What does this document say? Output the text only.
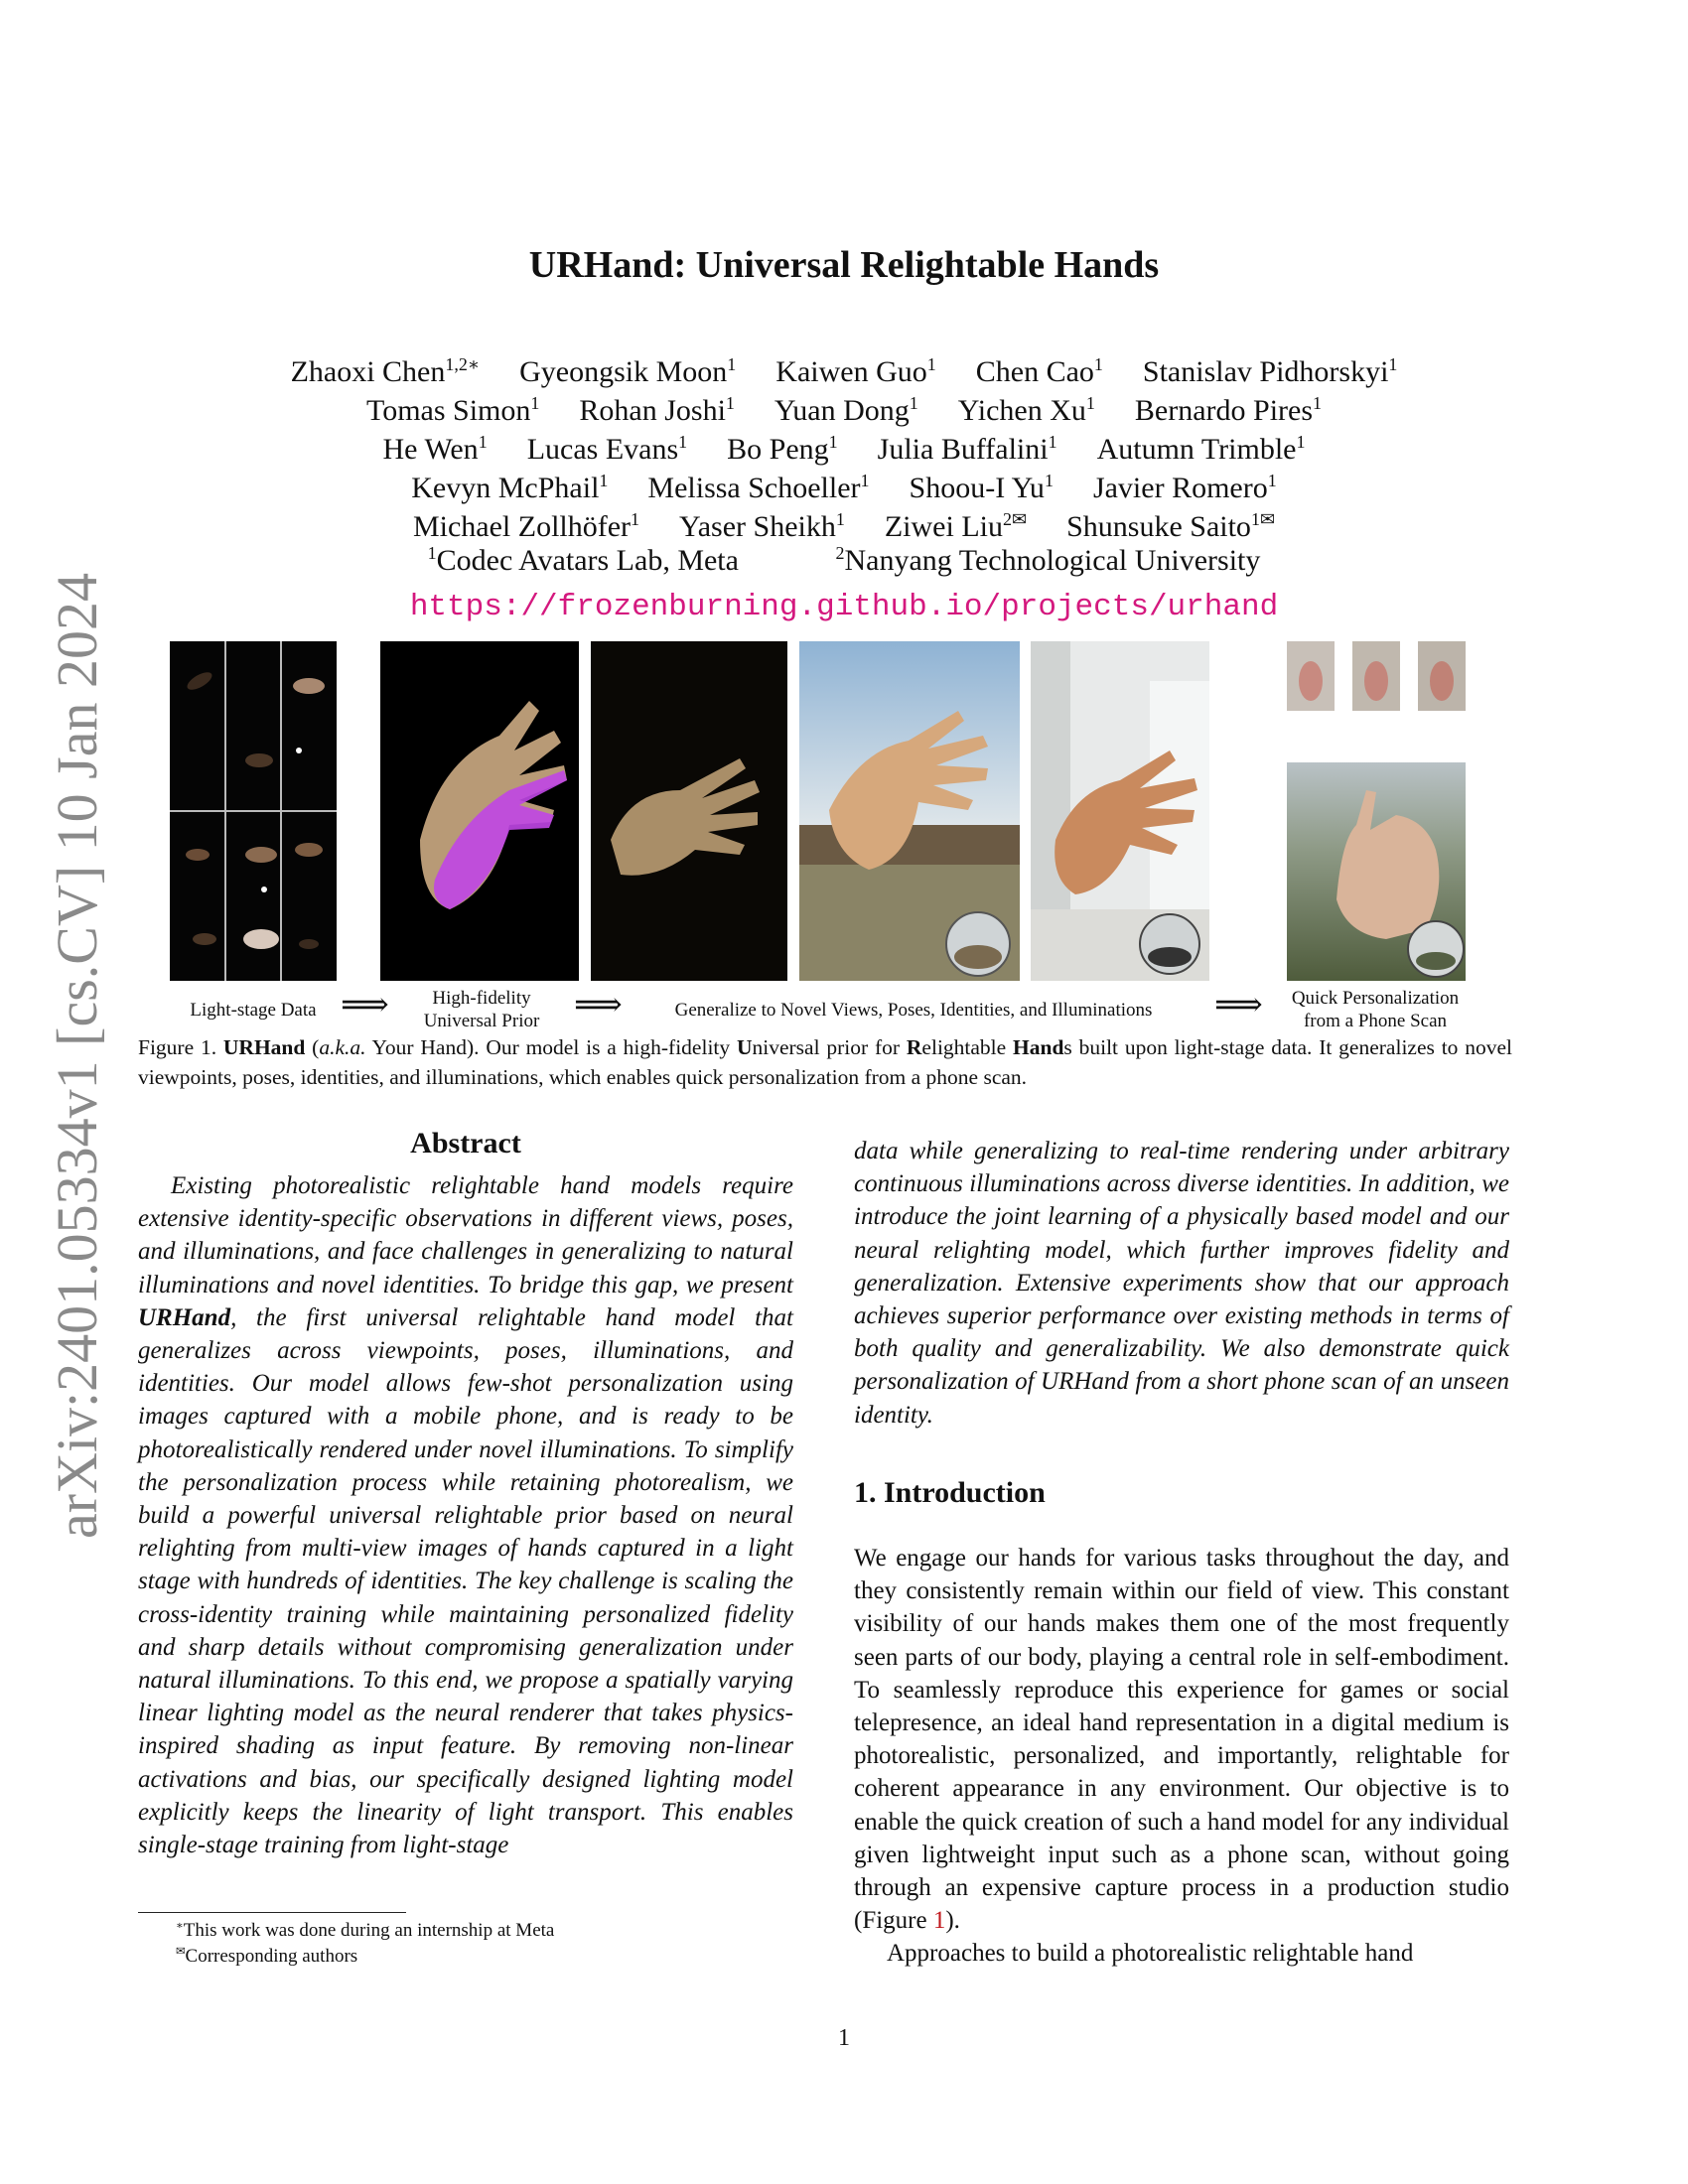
arXiv:2401.05334v1 [cs.CV] 10 Jan 2024
URHand: Universal Relightable Hands
Zhaoxi Chen$^{1,2∗}$ Gyeongsik Moon$^1$ Kaiwen Guo$^1$ Chen Cao$^1$ Stanislav Pidhorskyi$^1$
Tomas Simon$^1$ Rohan Joshi$^1$ Yuan Dong$^1$ Yichen Xu$^1$ Bernardo Pires$^1$
He Wen$^1$ Lucas Evans$^1$ Bo Peng$^1$ Julia Buffalini$^1$ Autumn Trimble$^1$
Kevyn McPhail$^1$ Melissa Schoeller$^1$ Shoou-I Yu$^1$ Javier Romero$^1$
Michael Zollhöfer$^1$ Yaser Sheikh$^1$ Ziwei Liu$^{2✉}$ Shunsuke Saito$^{1✉}$
$^1$Codec Avatars Lab, Meta	$^2$Nanyang Technological University
https://frozenburning.github.io/projects/urhand
Light-stage Data ⟹	High-fidelity
Universal Prior	⟹	Generalize to Novel Views, Poses, Identities, and Illuminations	⟹	Quick Personalization
from a Phone Scan
Figure 1. URHand (a.k.a. Your Hand). Our model is a high-fidelity Universal prior for Relightable Hands built upon light-stage data. It generalizes to novel viewpoints, poses, identities, and illuminations, which enables quick personalization from a phone scan.
Abstract

Existing photorealistic relightable hand models require extensive identity-specific observations in different views, poses, and illuminations, and face challenges in generalizing to natural illuminations and novel identities. To bridge this gap, we present URHand, the first universal relightable hand model that generalizes across viewpoints, poses, illuminations, and identities. Our model allows few-shot personalization using images captured with a mobile phone, and is ready to be photorealistically rendered under novel illuminations. To simplify the personalization process while retaining photorealism, we build a powerful universal relightable prior based on neural relighting from multi-view images of hands captured in a light stage with hundreds of identities. The key challenge is scaling the cross-identity training while maintaining personalized fidelity and sharp details without compromising generalization under natural illuminations. To this end, we propose a spatially varying linear lighting model as the neural renderer that takes physics-inspired shading as input feature. By removing non-linear activations and bias, our specifically designed lighting model explicitly keeps the linearity of light transport. This enables single-stage training from light-stage

data while generalizing to real-time rendering under arbitrary continuous illuminations across diverse identities. In addition, we introduce the joint learning of a physically based model and our neural relighting model, which further improves fidelity and generalization. Extensive experiments show that our approach achieves superior performance over existing methods in terms of both quality and generalizability. We also demonstrate quick personalization of URHand from a short phone scan of an unseen identity.

1. Introduction

We engage our hands for various tasks throughout the day, and they consistently remain within our field of view. This constant visibility of our hands makes them one of the most frequently seen parts of our body, playing a central role in self-embodiment. To seamlessly reproduce this experience for games or social telepresence, an ideal hand representation in a digital medium is photorealistic, personalized, and importantly, relightable for coherent appearance in any environment. Our objective is to enable the quick creation of such a hand model for any individual given lightweight input such as a phone scan, without going through an expensive capture process in a production studio (Figure 1).

Approaches to build a photorealistic relightable hand

∗This work was done during an internship at Meta
✉Corresponding authors
1
